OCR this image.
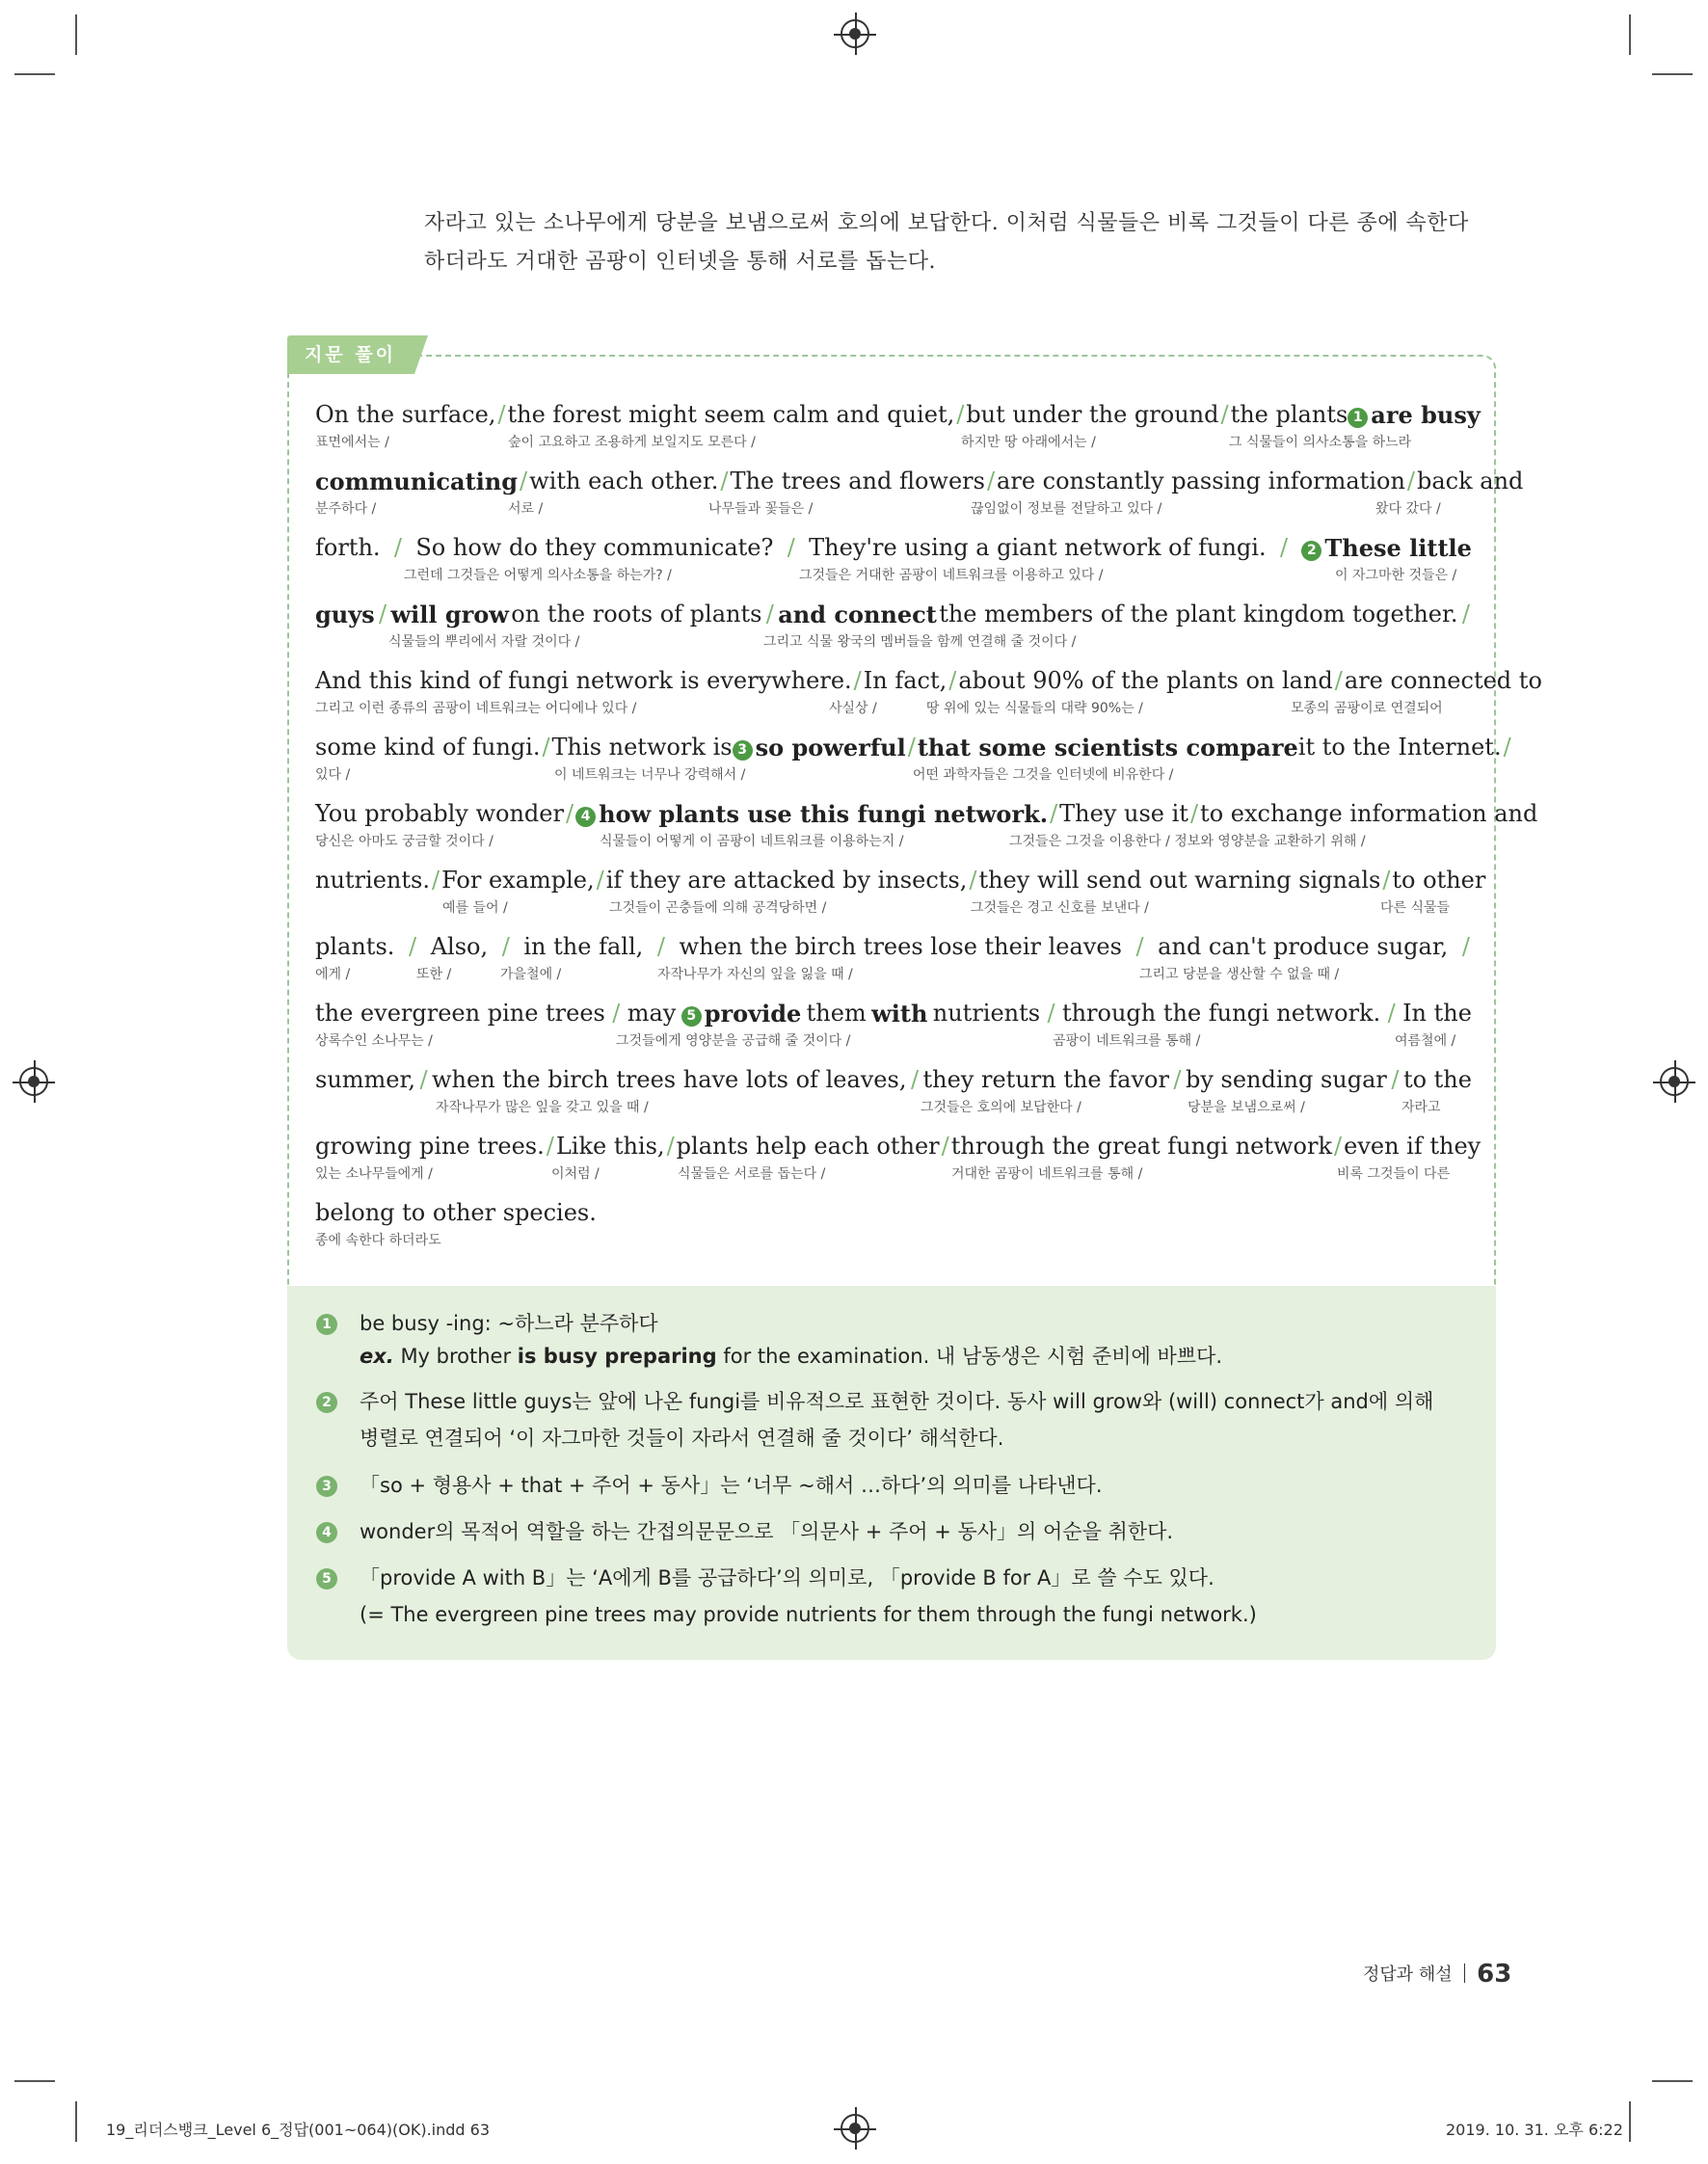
자라고 있는 소나무에게 당분을 보냄으로써 호의에 보답한다. 이처럼 식물들은 비록 그것들이 다른 종에 속한다
하더라도 거대한 곰팡이 인터넷을 통해 서로를 돕는다.
지문 풀이
On the surface, / the forest might seem calm and quiet, / but under the ground / the plants 1 are busy
표면에서는 /	숲이 고요하고 조용하게 보일지도 모른다 /	하지만 땅 아래에서는 /	그 식물들이 의사소통을 하느라
communicating / with each other. / The trees and flowers / are constantly passing information / back and
분주하다 /	서로 /	나무들과 꽃들은 /	끊임없이 정보를 전달하고 있다 /	왔다 갔다 /
forth. / So how do they communicate? / They're using a giant network of fungi. /	2 These little
그런데 그것들은 어떻게 의사소통을 하는가? /	그것들은 거대한 곰팡이 네트워크를 이용하고 있다 /	이 자그마한 것들은 /
guys / will grow on the roots of plants / and connect the members of the plant kingdom together. /
식물들의 뿌리에서 자랄 것이다 /	그리고 식물 왕국의 멤버들을 함께 연결해 줄 것이다 /
And this kind of fungi network is everywhere. / In fact, / about 90% of the plants on land / are connected to
그리고 이런 종류의 곰팡이 네트워크는 어디에나 있다 /	사실상 /	땅 위에 있는 식물들의 대략 90%는 /	모종의 곰팡이로 연결되어
some kind of fungi. / This network is 3 so powerful / that some scientists compare it to the Internet. /
있다 /	이 네트워크는 너무나 강력해서 /	어떤 과학자들은 그것을 인터넷에 비유한다 /
You probably wonder / 4 how plants use this fungi network. / They use it / to exchange information and
당신은 아마도 궁금할 것이다 /	식물들이 어떻게 이 곰팡이 네트워크를 이용하는지 /	그것들은 그것을 이용한다 / 정보와 영양분을 교환하기 위해 /
nutrients. / For example, / if they are attacked by insects, / they will send out warning signals / to other
예를 들어 /	그것들이 곤충들에 의해 공격당하면 /	그것들은 경고 신호를 보낸다 /	다른 식물들
plants. / Also, / in the fall, / when the birch trees lose their leaves / and can't produce sugar, /
에게 /	또한 /	가을철에 /	자작나무가 자신의 잎을 잃을 때 /	그리고 당분을 생산할 수 없을 때 /
the evergreen pine trees / may 5 provide them with nutrients / through the fungi network. / In the
상록수인 소나무는 /	그것들에게 영양분을 공급해 줄 것이다 /	곰팡이 네트워크를 통해 /	여름철에 /
summer, / when the birch trees have lots of leaves, / they return the favor / by sending sugar / to the
자작나무가 많은 잎을 갖고 있을 때 /	그것들은 호의에 보답한다 /	당분을 보냄으로써 /	자라고
growing pine trees. / Like this, / plants help each other / through the great fungi network / even if they
있는 소나무들에게 /	이처럼 /	식물들은 서로를 돕는다 /	거대한 곰팡이 네트워크를 통해 /	비록 그것들이 다른
belong to other species.
종에 속한다 하더라도
1 be busy -ing: ~하느라 분주하다
ex. My brother is busy preparing for the examination. 내 남동생은 시험 준비에 바쁘다.
2 주어 These little guys는 앞에 나온 fungi를 비유적으로 표현한 것이다. 동사 will grow와 (will) connect가 and에 의해
병렬로 연결되어 ‘이 자그마한 것들이 자라서 연결해 줄 것이다’ 해석한다.
3 「so + 형용사 + that + 주어 + 동사」는 ‘너무 ~해서 …하다’의 의미를 나타낸다.
4 wonder의 목적어 역할을 하는 간접의문문으로 「의문사 + 주어 + 동사」의 어순을 취한다.
5 「provide A with B」는 ‘A에게 B를 공급하다’의 의미로, 「provide B for A」로 쓸 수도 있다.
(= The evergreen pine trees may provide nutrients for them through the fungi network.)
정답과 해설 63
19_리더스뱅크_Level 6_정답(001~064)(OK).indd 63	2019. 10. 31. 오후 6:22
